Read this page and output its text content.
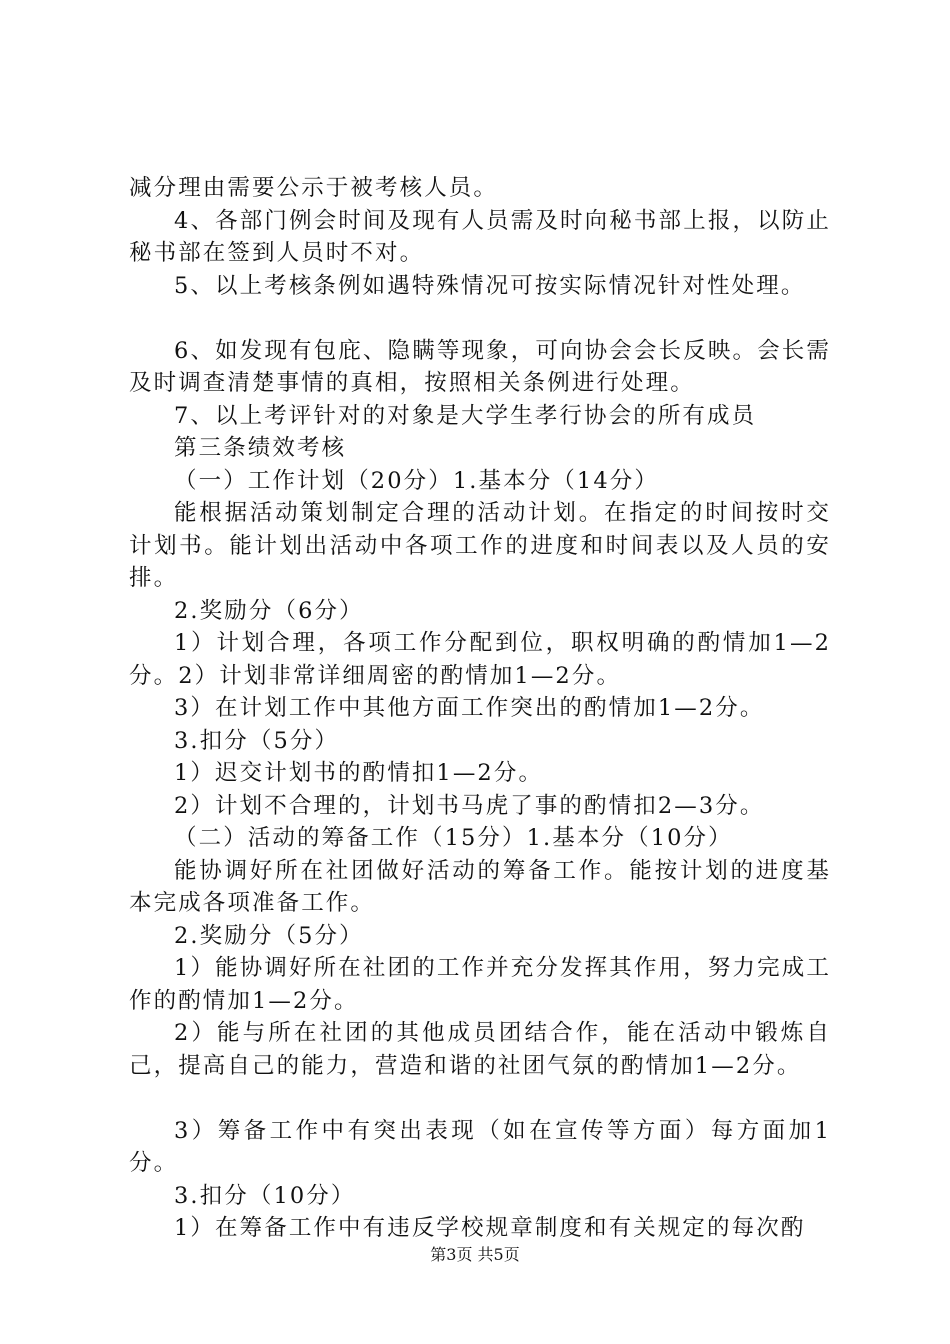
减分理由需要公示于被考核人员。

4、各部门例会时间及现有人员需及时向秘书部上报，以防止秘书部在签到人员时不对。

5、以上考核条例如遇特殊情况可按实际情况针对性处理。

6、如发现有包庇、隐瞒等现象，可向协会会长反映。会长需及时调查清楚事情的真相，按照相关条例进行处理。

7、以上考评针对的对象是大学生孝行协会的所有成员

第三条绩效考核

（一）工作计划（20分）1.基本分（14分）

能根据活动策划制定合理的活动计划。在指定的时间按时交计划书。能计划出活动中各项工作的进度和时间表以及人员的安排。

2.奖励分（6分）

1）计划合理，各项工作分配到位，职权明确的酌情加1—2分。2）计划非常详细周密的酌情加1—2分。

3）在计划工作中其他方面工作突出的酌情加1—2分。

3.扣分（5分）

1）迟交计划书的酌情扣1—2分。

2）计划不合理的，计划书马虎了事的酌情扣2—3分。

（二）活动的筹备工作（15分）1.基本分（10分）

能协调好所在社团做好活动的筹备工作。能按计划的进度基本完成各项准备工作。

2.奖励分（5分）

1）能协调好所在社团的工作并充分发挥其作用，努力完成工作的酌情加1—2分。

2）能与所在社团的其他成员团结合作，能在活动中锻炼自己，提高自己的能力，营造和谐的社团气氛的酌情加1—2分。

3）筹备工作中有突出表现（如在宣传等方面）每方面加1分。

3.扣分（10分）

1）在筹备工作中有违反学校规章制度和有关规定的每次酌

第3页 共5页
